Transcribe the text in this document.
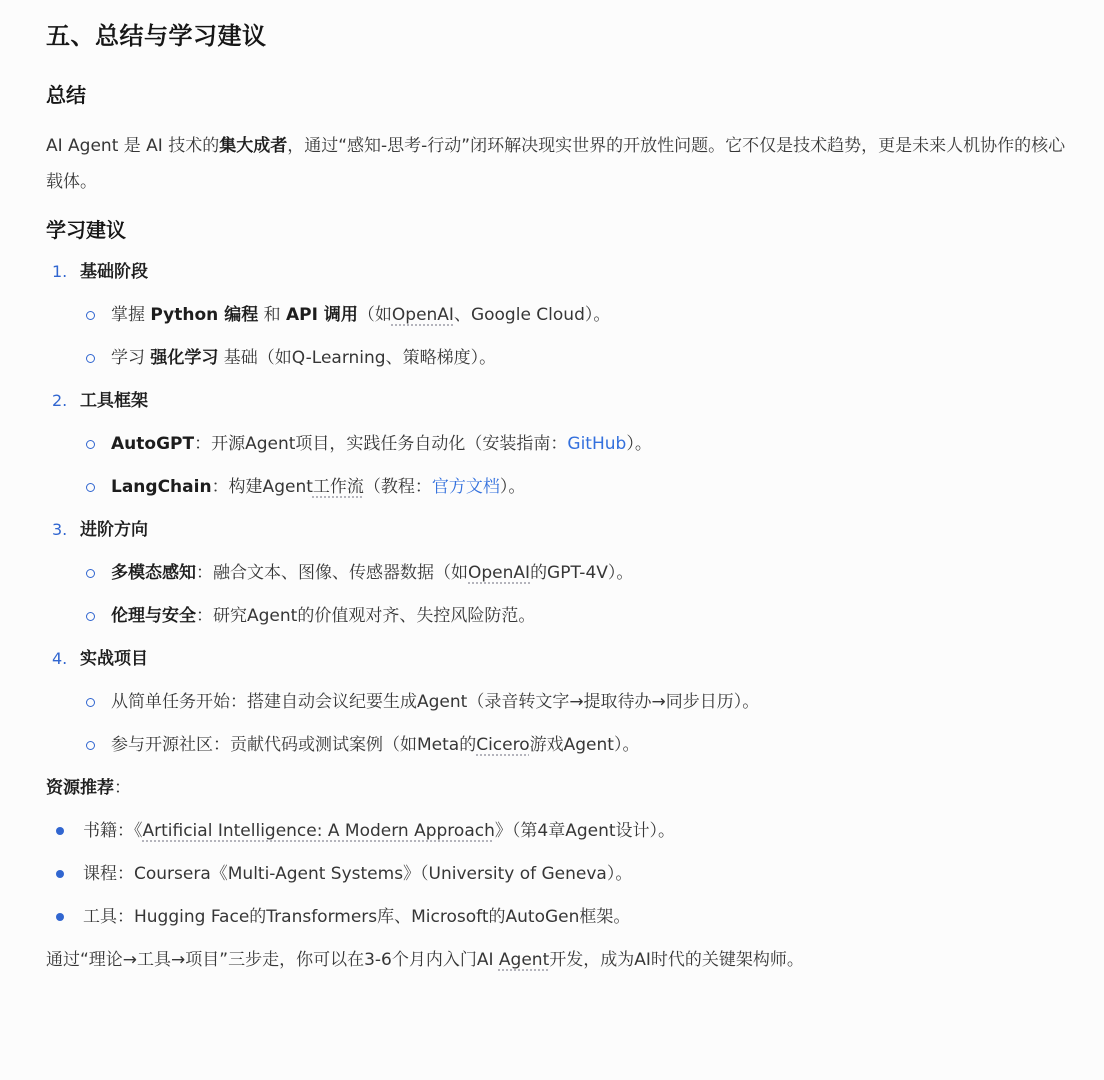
五、总结与学习建议
总结

AI Agent 是 AI 技术的集大成者，通过“感知-思考-行动”闭环解决现实世界的开放性问题。它不仅是技术趋势，更是未来人机协作的核心载体。

学习建议
1. 基础阶段
掌握 Python 编程 和 API 调用（如OpenAI、Google Cloud）。
学习 强化学习 基础（如Q-Learning、策略梯度）。
2. 工具框架
AutoGPT：开源Agent项目，实践任务自动化（安装指南：GitHub）。
LangChain：构建Agent工作流（教程：官方文档）。
3. 进阶方向
多模态感知：融合文本、图像、传感器数据（如OpenAI的GPT-4V）。
伦理与安全：研究Agent的价值观对齐、失控风险防范。
4. 实战项目
从简单任务开始：搭建自动会议纪要生成Agent（录音转文字→提取待办→同步日历）。
参与开源社区：贡献代码或测试案例（如Meta的Cicero游戏Agent）。
资源推荐：
书籍：《Artificial Intelligence: A Modern Approach》（第4章Agent设计）。
课程：Coursera《Multi-Agent Systems》（University of Geneva）。
工具：Hugging Face的Transformers库、Microsoft的AutoGen框架。

通过“理论→工具→项目”三步走，你可以在3-6个月内入门AI Agent开发，成为AI时代的关键架构师。
